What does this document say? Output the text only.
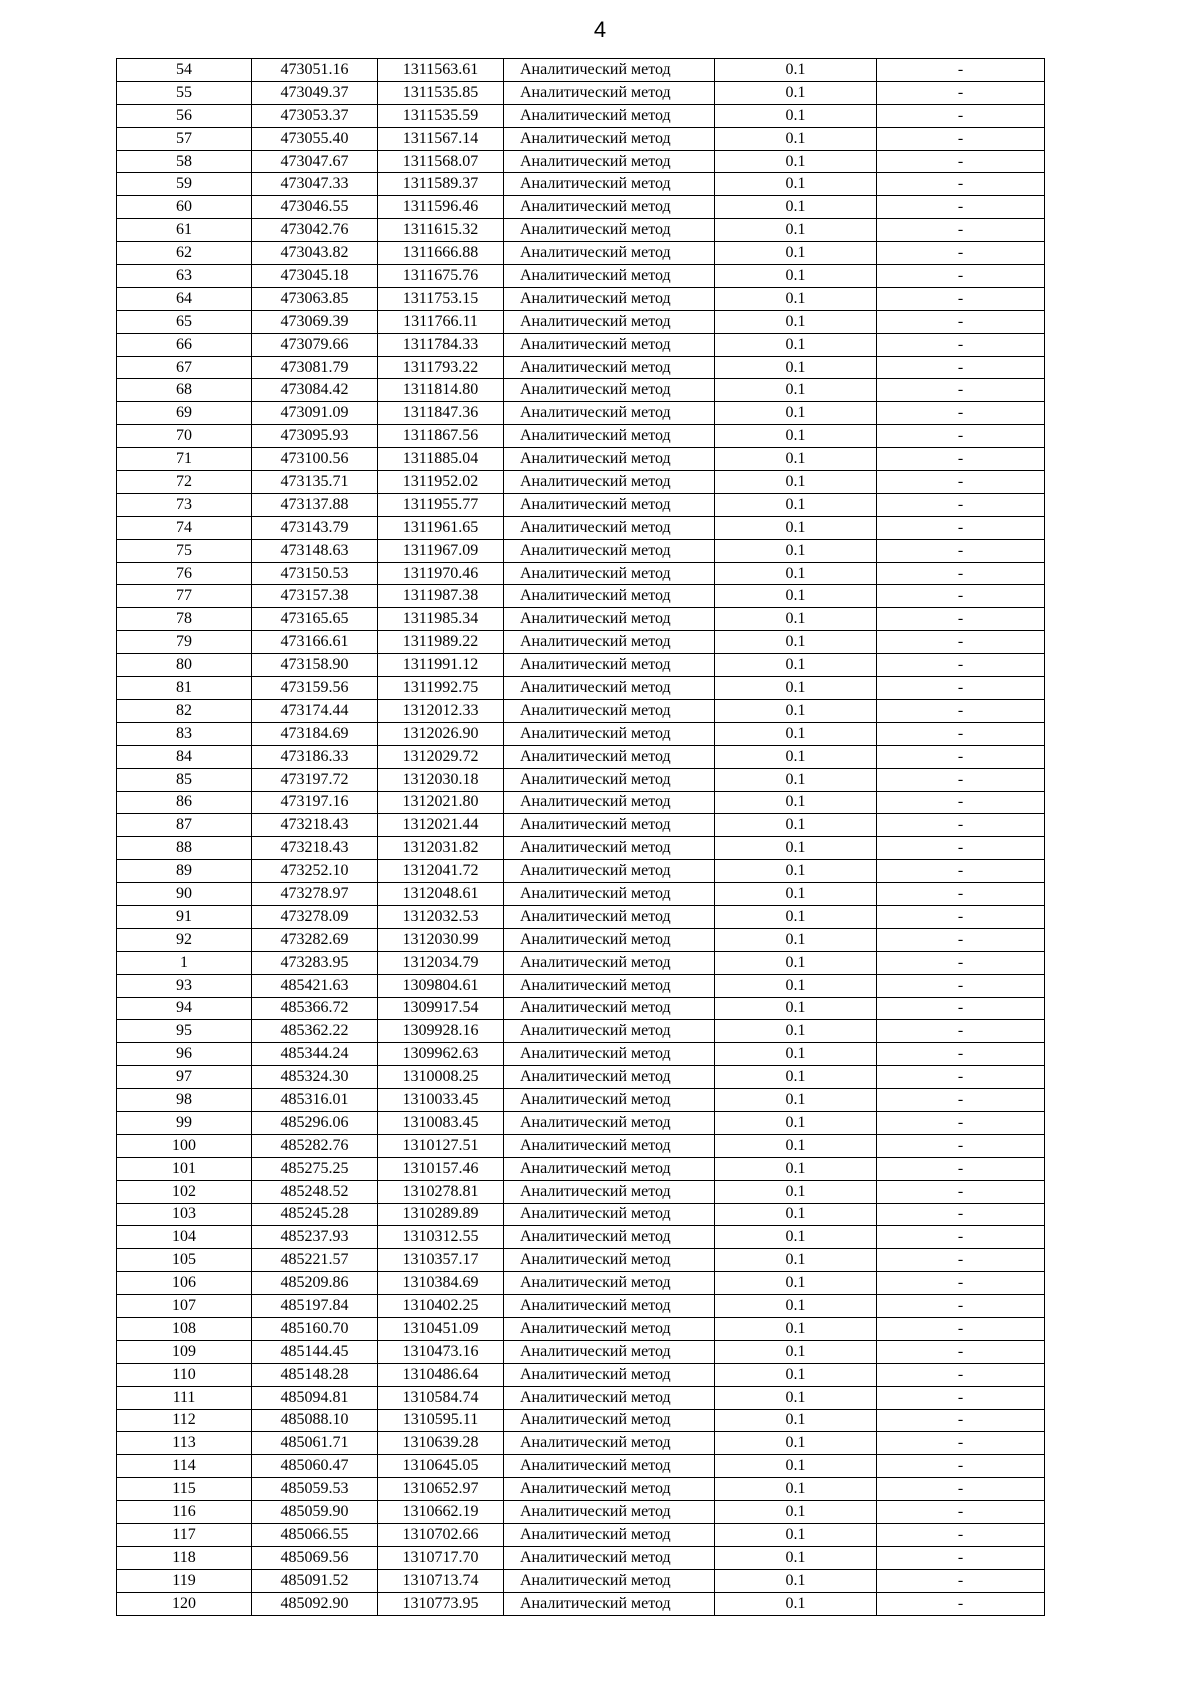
4
54	473051.16	1311563.61	Аналитический метод	0.1	-
55	473049.37	1311535.85	Аналитический метод	0.1	-
56	473053.37	1311535.59	Аналитический метод	0.1	-
57	473055.40	1311567.14	Аналитический метод	0.1	-
58	473047.67	1311568.07	Аналитический метод	0.1	-
59	473047.33	1311589.37	Аналитический метод	0.1	-
60	473046.55	1311596.46	Аналитический метод	0.1	-
61	473042.76	1311615.32	Аналитический метод	0.1	-
62	473043.82	1311666.88	Аналитический метод	0.1	-
63	473045.18	1311675.76	Аналитический метод	0.1	-
64	473063.85	1311753.15	Аналитический метод	0.1	-
65	473069.39	1311766.11	Аналитический метод	0.1	-
66	473079.66	1311784.33	Аналитический метод	0.1	-
67	473081.79	1311793.22	Аналитический метод	0.1	-
68	473084.42	1311814.80	Аналитический метод	0.1	-
69	473091.09	1311847.36	Аналитический метод	0.1	-
70	473095.93	1311867.56	Аналитический метод	0.1	-
71	473100.56	1311885.04	Аналитический метод	0.1	-
72	473135.71	1311952.02	Аналитический метод	0.1	-
73	473137.88	1311955.77	Аналитический метод	0.1	-
74	473143.79	1311961.65	Аналитический метод	0.1	-
75	473148.63	1311967.09	Аналитический метод	0.1	-
76	473150.53	1311970.46	Аналитический метод	0.1	-
77	473157.38	1311987.38	Аналитический метод	0.1	-
78	473165.65	1311985.34	Аналитический метод	0.1	-
79	473166.61	1311989.22	Аналитический метод	0.1	-
80	473158.90	1311991.12	Аналитический метод	0.1	-
81	473159.56	1311992.75	Аналитический метод	0.1	-
82	473174.44	1312012.33	Аналитический метод	0.1	-
83	473184.69	1312026.90	Аналитический метод	0.1	-
84	473186.33	1312029.72	Аналитический метод	0.1	-
85	473197.72	1312030.18	Аналитический метод	0.1	-
86	473197.16	1312021.80	Аналитический метод	0.1	-
87	473218.43	1312021.44	Аналитический метод	0.1	-
88	473218.43	1312031.82	Аналитический метод	0.1	-
89	473252.10	1312041.72	Аналитический метод	0.1	-
90	473278.97	1312048.61	Аналитический метод	0.1	-
91	473278.09	1312032.53	Аналитический метод	0.1	-
92	473282.69	1312030.99	Аналитический метод	0.1	-
1	473283.95	1312034.79	Аналитический метод	0.1	-
93	485421.63	1309804.61	Аналитический метод	0.1	-
94	485366.72	1309917.54	Аналитический метод	0.1	-
95	485362.22	1309928.16	Аналитический метод	0.1	-
96	485344.24	1309962.63	Аналитический метод	0.1	-
97	485324.30	1310008.25	Аналитический метод	0.1	-
98	485316.01	1310033.45	Аналитический метод	0.1	-
99	485296.06	1310083.45	Аналитический метод	0.1	-
100	485282.76	1310127.51	Аналитический метод	0.1	-
101	485275.25	1310157.46	Аналитический метод	0.1	-
102	485248.52	1310278.81	Аналитический метод	0.1	-
103	485245.28	1310289.89	Аналитический метод	0.1	-
104	485237.93	1310312.55	Аналитический метод	0.1	-
105	485221.57	1310357.17	Аналитический метод	0.1	-
106	485209.86	1310384.69	Аналитический метод	0.1	-
107	485197.84	1310402.25	Аналитический метод	0.1	-
108	485160.70	1310451.09	Аналитический метод	0.1	-
109	485144.45	1310473.16	Аналитический метод	0.1	-
110	485148.28	1310486.64	Аналитический метод	0.1	-
111	485094.81	1310584.74	Аналитический метод	0.1	-
112	485088.10	1310595.11	Аналитический метод	0.1	-
113	485061.71	1310639.28	Аналитический метод	0.1	-
114	485060.47	1310645.05	Аналитический метод	0.1	-
115	485059.53	1310652.97	Аналитический метод	0.1	-
116	485059.90	1310662.19	Аналитический метод	0.1	-
117	485066.55	1310702.66	Аналитический метод	0.1	-
118	485069.56	1310717.70	Аналитический метод	0.1	-
119	485091.52	1310713.74	Аналитический метод	0.1	-
120	485092.90	1310773.95	Аналитический метод	0.1	-
